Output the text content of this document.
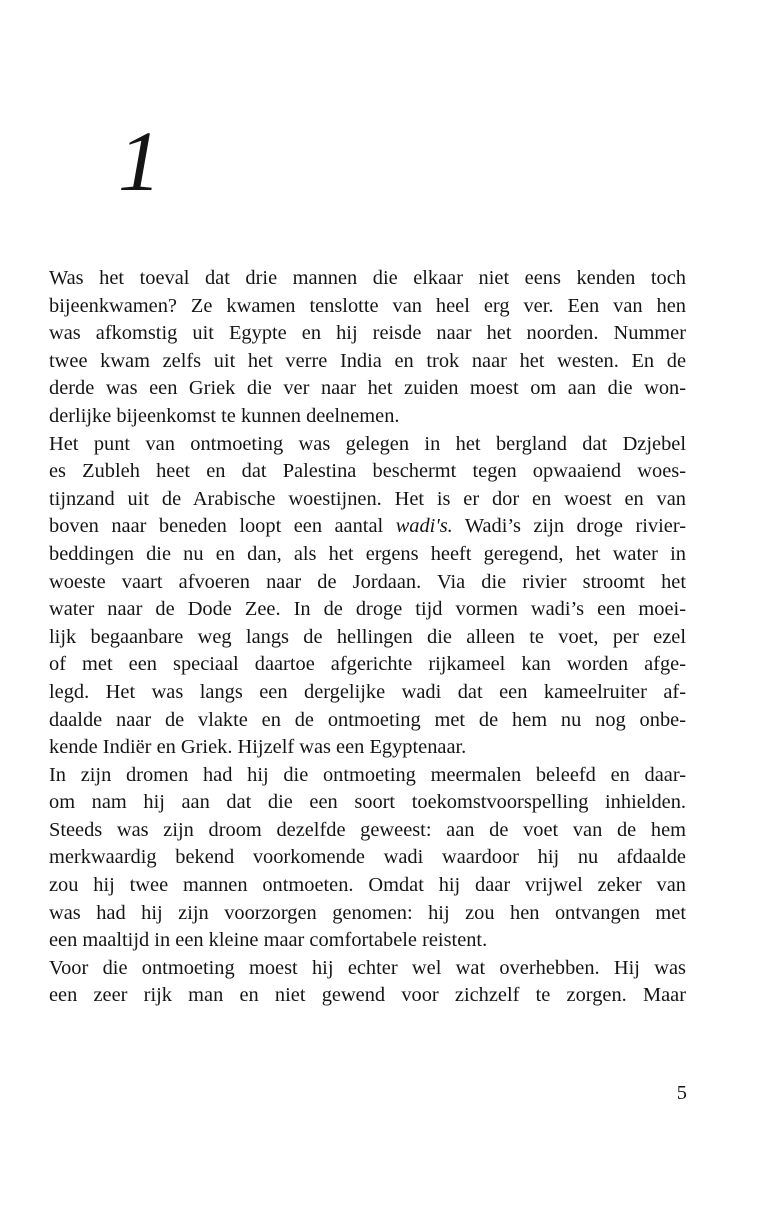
1

Was het toeval dat drie mannen die elkaar niet eens kenden toch
bijeenkwamen? Ze kwamen tenslotte van heel erg ver. Een van hen
was afkomstig uit Egypte en hij reisde naar het noorden. Nummer
twee kwam zelfs uit het verre India en trok naar het westen. En de
derde was een Griek die ver naar het zuiden moest om aan die won-
derlijke bijeenkomst te kunnen deelnemen.

Het punt van ontmoeting was gelegen in het bergland dat Dzjebel
es Zubleh heet en dat Palestina beschermt tegen opwaaiend woes-
tijnzand uit de Arabische woestijnen. Het is er dor en woest en van
boven naar beneden loopt een aantal wadi's. Wadi’s zijn droge rivier-
beddingen die nu en dan, als het ergens heeft geregend, het water in
woeste vaart afvoeren naar de Jordaan. Via die rivier stroomt het
water naar de Dode Zee. In de droge tijd vormen wadi’s een moei-
lijk begaanbare weg langs de hellingen die alleen te voet, per ezel
of met een speciaal daartoe afgerichte rijkameel kan worden afge-
legd. Het was langs een dergelijke wadi dat een kameelruiter af-
daalde naar de vlakte en de ontmoeting met de hem nu nog onbe-
kende Indiër en Griek. Hijzelf was een Egyptenaar.

In zijn dromen had hij die ontmoeting meermalen beleefd en daar-
om nam hij aan dat die een soort toekomstvoorspelling inhielden.
Steeds was zijn droom dezelfde geweest: aan de voet van de hem
merkwaardig bekend voorkomende wadi waardoor hij nu afdaalde
zou hij twee mannen ontmoeten. Omdat hij daar vrijwel zeker van
was had hij zijn voorzorgen genomen: hij zou hen ontvangen met
een maaltijd in een kleine maar comfortabele reistent.

Voor die ontmoeting moest hij echter wel wat overhebben. Hij was
een zeer rijk man en niet gewend voor zichzelf te zorgen. Maar

5
